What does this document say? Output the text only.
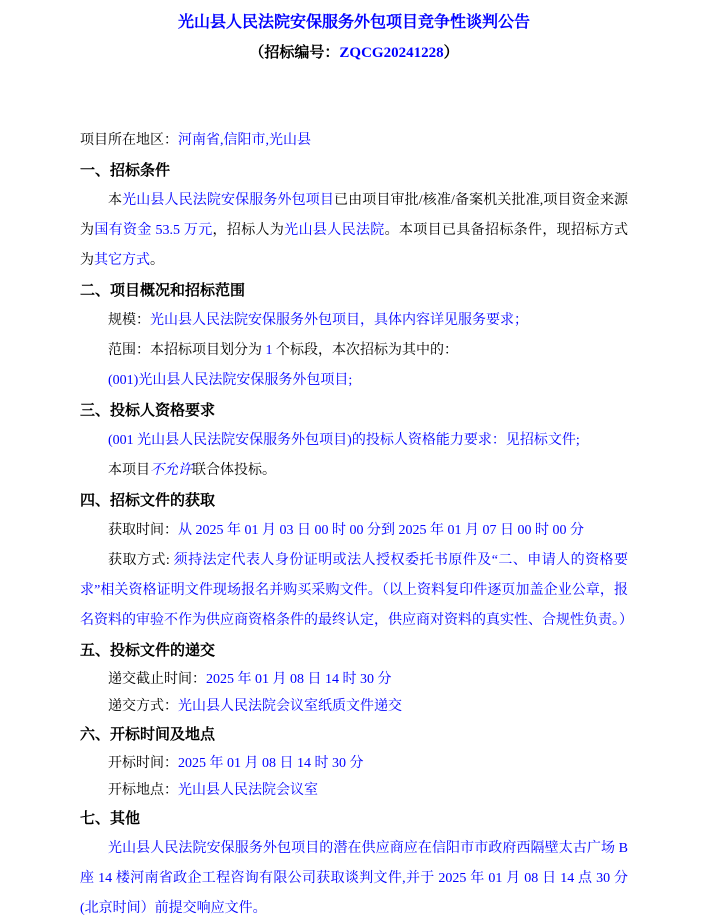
光山县人民法院安保服务外包项目竞争性谈判公告
（招标编号：ZQCG20241228）
项目所在地区：河南省,信阳市,光山县
一、招标条件

本光山县人民法院安保服务外包项目已由项目审批/核准/备案机关批准,项目资金来源为国有资金 53.5 万元，招标人为光山县人民法院。本项目已具备招标条件，现招标方式为其它方式。

二、项目概况和招标范围
规模：光山县人民法院安保服务外包项目，具体内容详见服务要求；
范围：本招标项目划分为 1 个标段，本次招标为其中的：
(001)光山县人民法院安保服务外包项目;
三、投标人资格要求
(001 光山县人民法院安保服务外包项目)的投标人资格能力要求：见招标文件;
本项目不允许联合体投标。
四、招标文件的获取
获取时间：从 2025 年 01 月 03 日 00 时 00 分到 2025 年 01 月 07 日 00 时 00 分

获取方式: 须持法定代表人身份证明或法人授权委托书原件及“二、申请人的资格要求”相关资格证明文件现场报名并购买采购文件。（以上资料复印件逐页加盖企业公章，报名资料的审验不作为供应商资格条件的最终认定，供应商对资料的真实性、合规性负责。）

五、投标文件的递交
递交截止时间：2025 年 01 月 08 日 14 时 30 分
递交方式：光山县人民法院会议室纸质文件递交
六、开标时间及地点
开标时间：2025 年 01 月 08 日 14 时 30 分
开标地点：光山县人民法院会议室
七、其他

光山县人民法院安保服务外包项目的潜在供应商应在信阳市市政府西隔壁太古广场 B 座 14 楼河南省政企工程咨询有限公司获取谈判文件,并于 2025 年 01 月 08 日 14 点 30 分(北京时间）前提交响应文件。
